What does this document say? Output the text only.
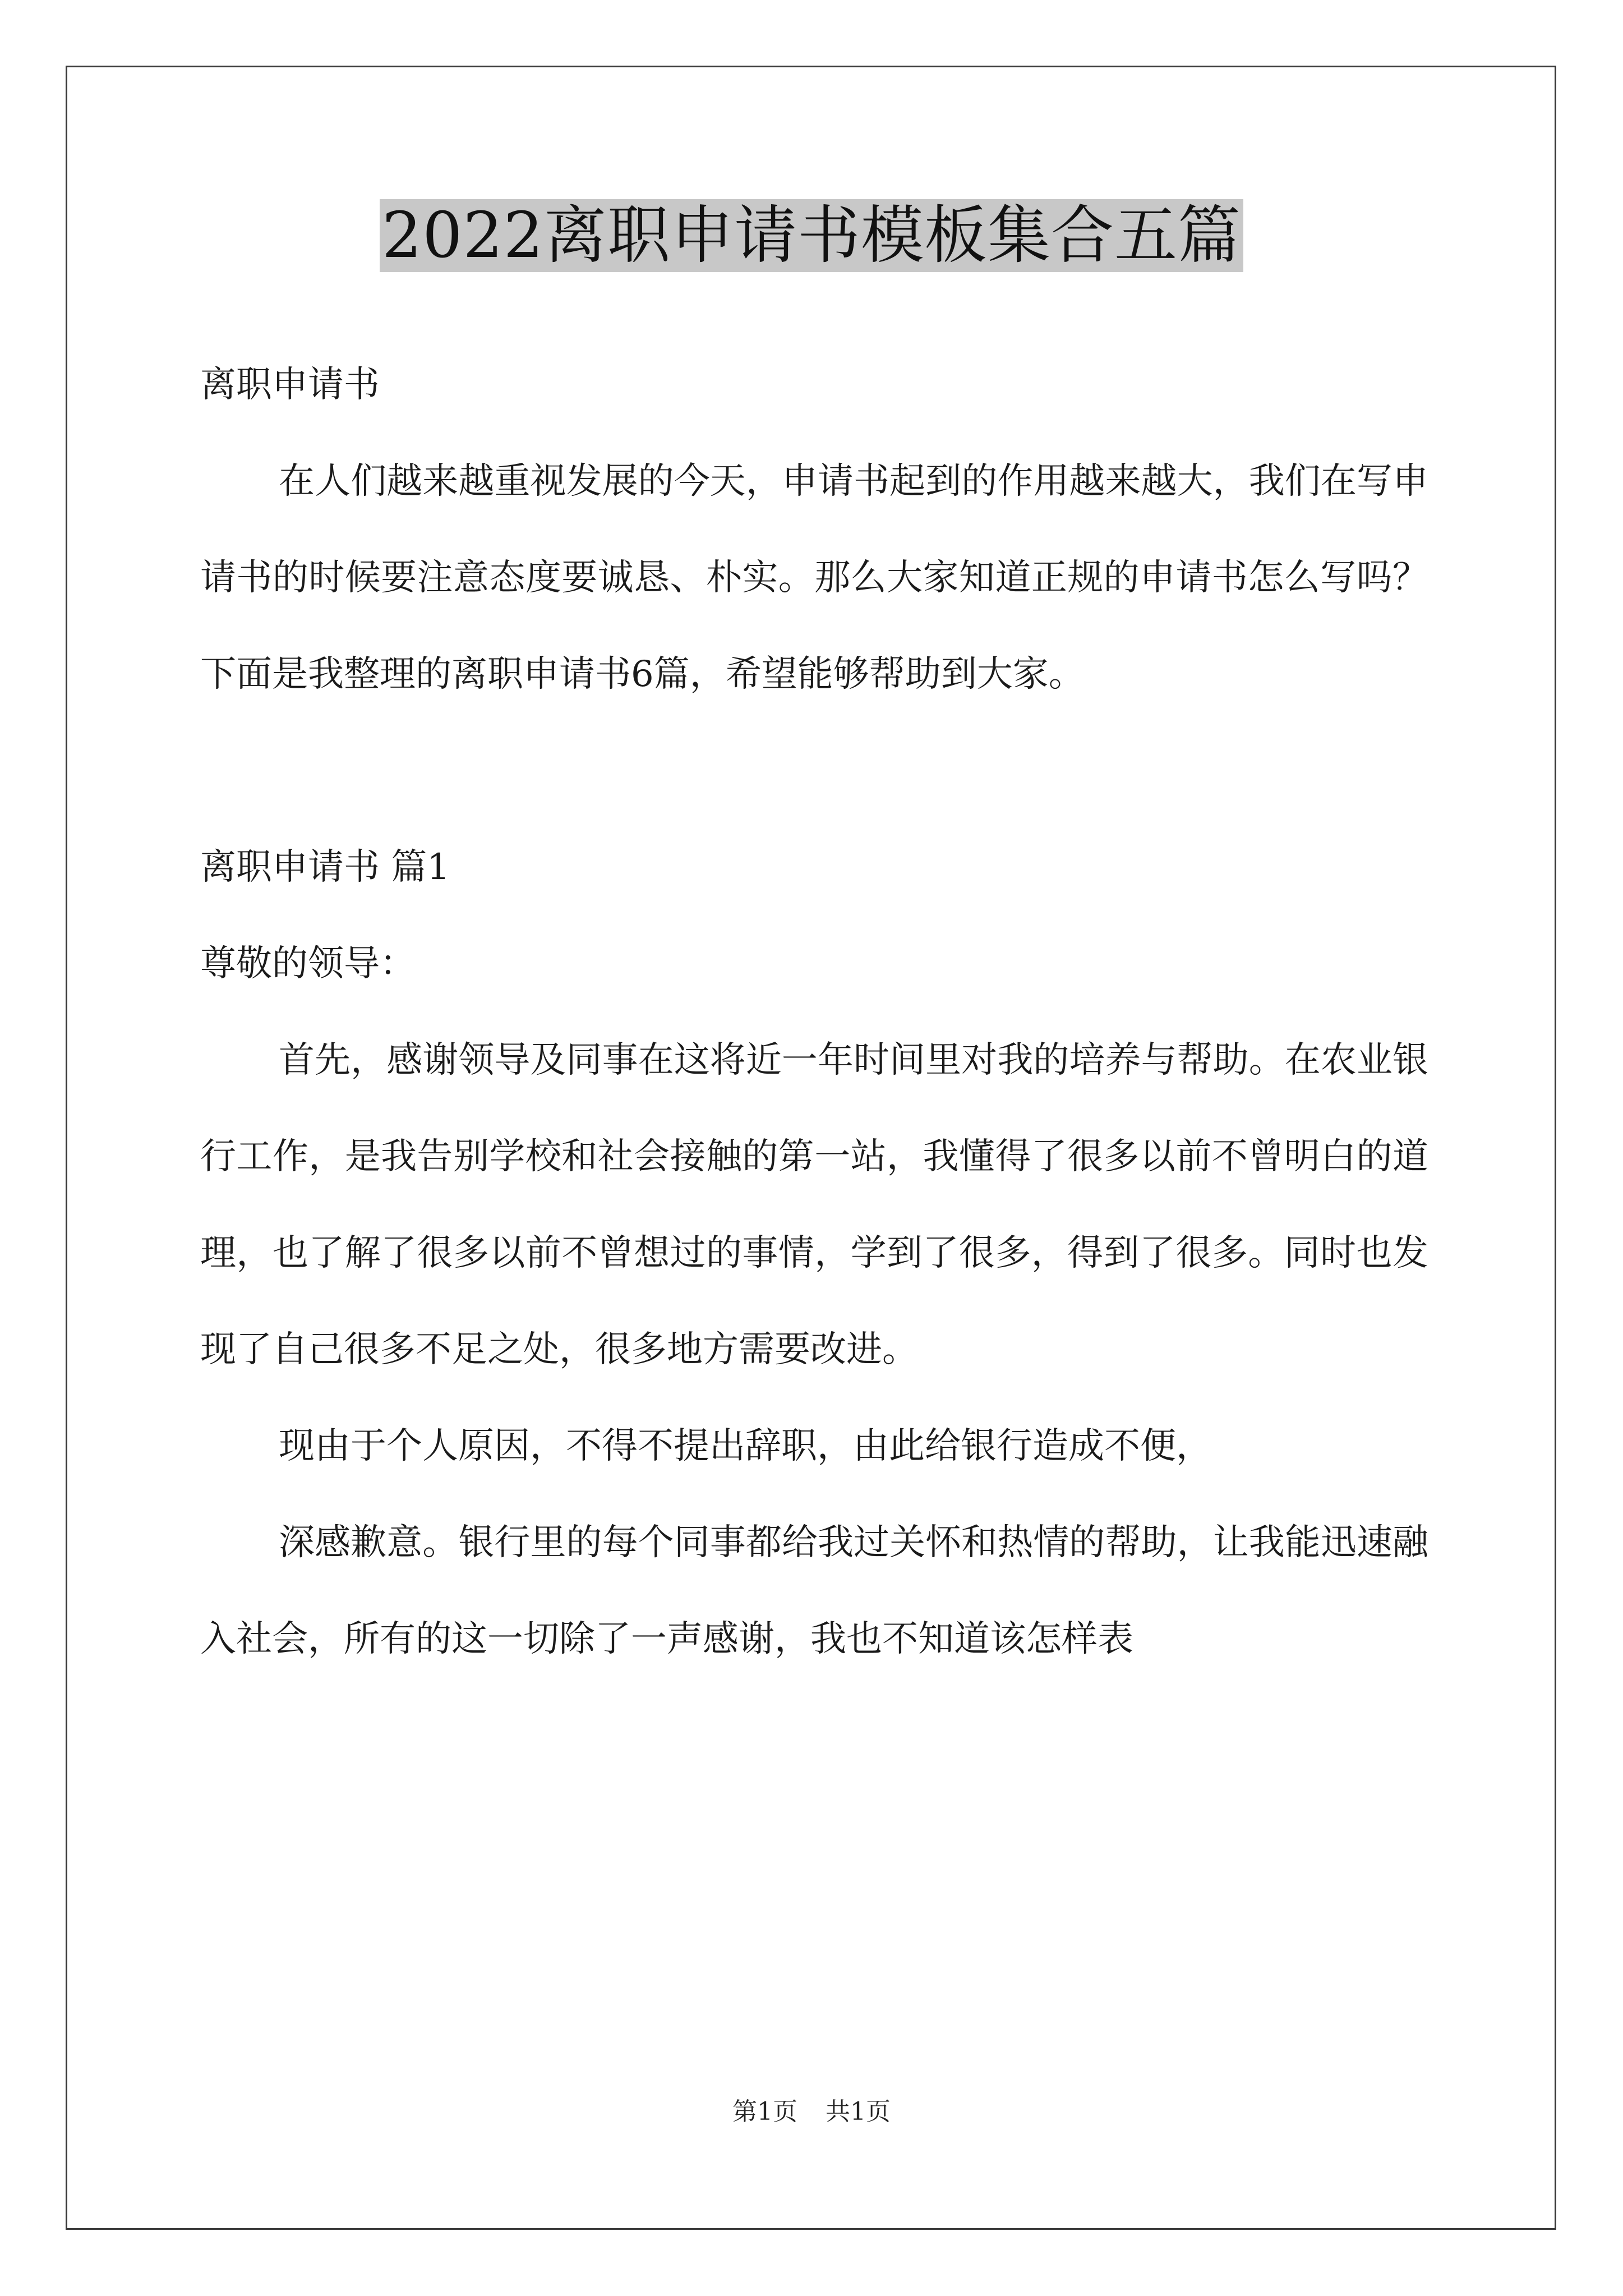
2022离职申请书模板集合五篇

离职申请书

在人们越来越重视发展的今天，申请书起到的作用越来越大，我们在写申请书的时候要注意态度要诚恳、朴实。那么大家知道正规的申请书怎么写吗？下面是我整理的离职申请书6篇，希望能够帮助到大家。

离职申请书 篇1

尊敬的领导：

首先，感谢领导及同事在这将近一年时间里对我的培养与帮助。在农业银行工作，是我告别学校和社会接触的第一站，我懂得了很多以前不曾明白的道理，也了解了很多以前不曾想过的事情，学到了很多，得到了很多。同时也发现了自己很多不足之处，很多地方需要改进。

现由于个人原因，不得不提出辞职，由此给银行造成不便，

深感歉意。银行里的每个同事都给我过关怀和热情的帮助，让我能迅速融入社会，所有的这一切除了一声感谢，我也不知道该怎样表

第1页 共1页
